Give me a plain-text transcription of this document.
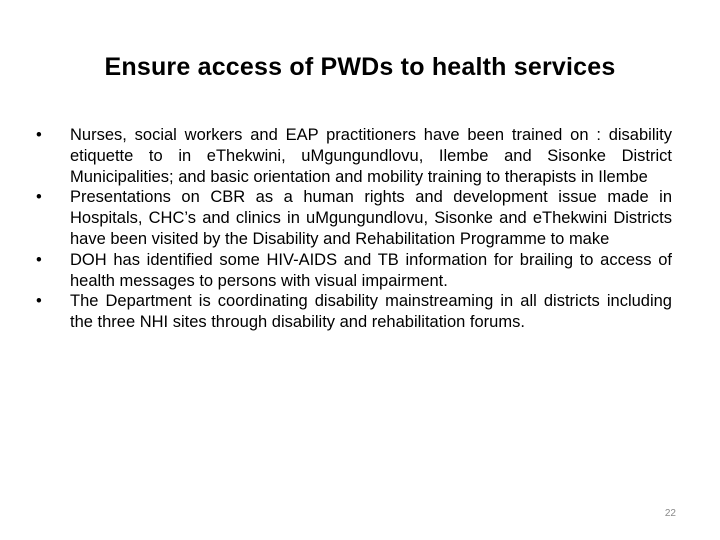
Ensure access of PWDs to health services
•	Nurses, social workers and EAP practitioners have been trained on : disability etiquette to in eThekwini, uMgungundlovu, Ilembe and Sisonke District Municipalities; and basic orientation and mobility training to therapists in Ilembe
•	Presentations on CBR as a human rights and development issue made in Hospitals, CHC’s and clinics in uMgungundlovu, Sisonke and eThekwini Districts have been visited by the Disability and Rehabilitation Programme to make
•	DOH has identified some HIV-AIDS and TB information for brailing to access of health messages to persons with visual impairment.
•	The Department is coordinating disability mainstreaming in all districts including the three NHI sites through disability and rehabilitation forums.
22
